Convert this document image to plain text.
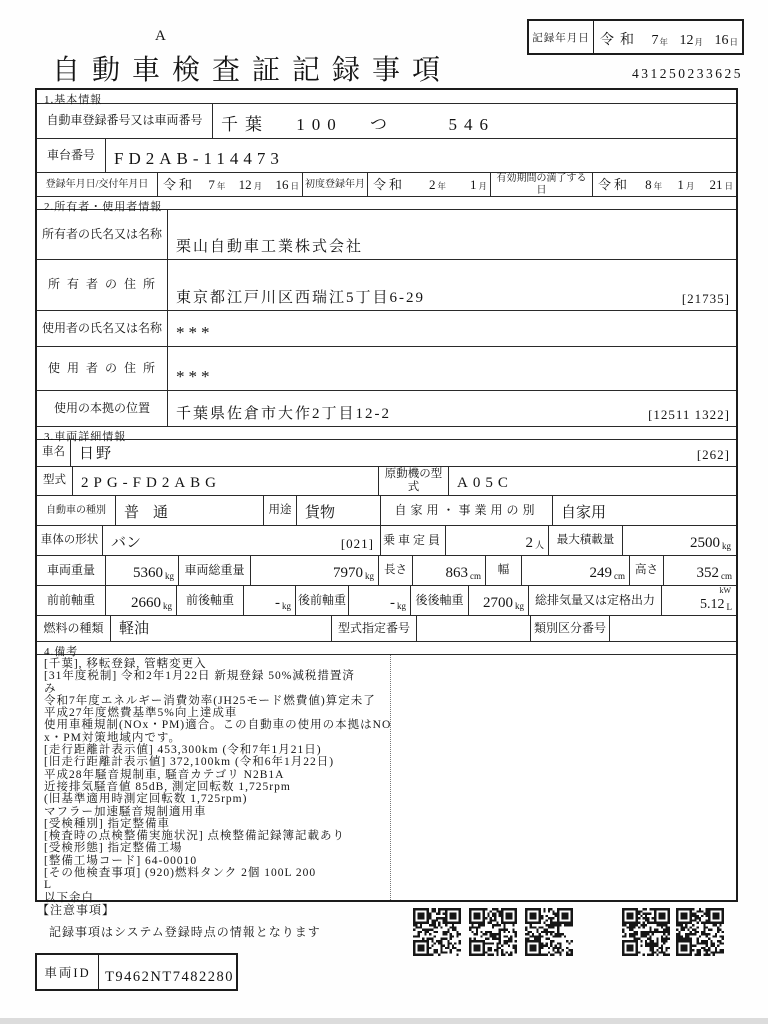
A
自動車検査証記録事項	431250233625
記録年月日 令和 7 年 12 月 16 日
1.基本情報
自動車登録番号又は車両番号	千葉 100 つ  546
車台番号	FD2AB-114473
登録年月日/交付年月日	令和 7 年 12 月 16 日 初度登録年月 令和 2 年 1 月
有効期間の満了する日	令和 8 年 1 月 21 日
2.所有者・使用者情報
所有者の氏名又は名称
栗山自動車工業株式会社
所有者の住所
東京都江戸川区西瑞江5丁目6-29	[21735]
使用者の氏名又は名称 ***
使用者の住所 ***
使用の本拠の位置	千葉県佐倉市大作2丁目12-2	[12511 1322]
3.車両詳細情報
車名 日野	[262]
型式	2PG-FD2ABG
原動機の型式	A05C
自動車の種別	普通	用途 貨物	自家用・事業用の別	自家用
車体の形状 バン	[021] 乗車定員	2 人	最大積載量	2500 kg
車両重量	5360 kg 車両総重量	7970 kg
長さ	863 cm
幅	249 cm
高さ	352 cm
前前軸重	2660 kg	前後軸重	- kg 後前軸重	- kg 後後軸重	2700 kg 総排気量又は定格出力
kW
5.12 L
燃料の種類	軽油	型式指定番号	類別区分番号
4.備考
[千葉], 移転登録, 管轄変更入
[31年度税制] 令和2年1月22日 新規登録 50%減税措置済
み
令和7年度エネルギー消費効率(JH25モード燃費値)算定未了
平成27年度燃費基準5%向上達成車
使用車種規制(NOx・PM)適合。この自動車の使用の本拠はNO
x・PM対策地域内です。
[走行距離計表示値] 453,300km (令和7年1月21日)
[旧走行距離計表示値] 372,100km (令和6年1月22日)
平成28年騒音規制車, 騒音カテゴリ N2B1A
近接排気騒音値 85dB, 測定回転数 1,725rpm
(旧基準適用時測定回転数 1,725rpm)
マフラー加速騒音規制適用車
[受検種別] 指定整備車
[検査時の点検整備実施状況] 点検整備記録簿記載あり
[受検形態] 指定整備工場
[整備工場コード] 64-00010
[その他検査事項] (920)燃料タンク 2個 100L 200
L
以下余白
【注意事項】
記録事項はシステム登録時点の情報となります
車両ID T9462NT7482280
